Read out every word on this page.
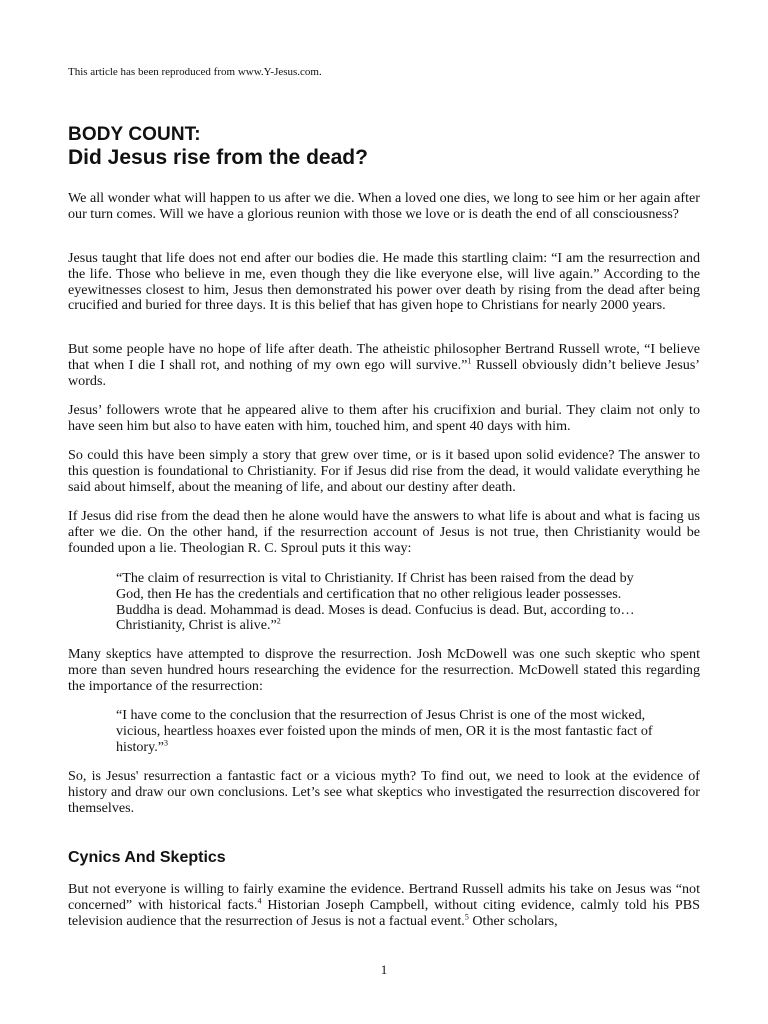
This article has been reproduced from www.Y-Jesus.com.
BODY COUNT:
Did Jesus rise from the dead?

We all wonder what will happen to us after we die. When a loved one dies, we long to see him or her again after our turn comes. Will we have a glorious reunion with those we love or is death the end of all consciousness?

Jesus taught that life does not end after our bodies die. He made this startling claim: “I am the resurrection and the life. Those who believe in me, even though they die like everyone else, will live again.” According to the eyewitnesses closest to him, Jesus then demonstrated his power over death by rising from the dead after being crucified and buried for three days. It is this belief that has given hope to Christians for nearly 2000 years.

But some people have no hope of life after death. The atheistic philosopher Bertrand Russell wrote, “I believe that when I die I shall rot, and nothing of my own ego will survive.”$^1$ Russell obviously didn’t believe Jesus’ words.

Jesus’ followers wrote that he appeared alive to them after his crucifixion and burial. They claim not only to have seen him but also to have eaten with him, touched him, and spent 40 days with him.

So could this have been simply a story that grew over time, or is it based upon solid evidence? The answer to this question is foundational to Christianity. For if Jesus did rise from the dead, it would validate everything he said about himself, about the meaning of life, and about our destiny after death.

If Jesus did rise from the dead then he alone would have the answers to what life is about and what is facing us after we die. On the other hand, if the resurrection account of Jesus is not true, then Christianity would be founded upon a lie. Theologian R. C. Sproul puts it this way:

“The claim of resurrection is vital to Christianity. If Christ has been raised from the dead by God, then He has the credentials and certification that no other religious leader possesses. Buddha is dead. Mohammad is dead. Moses is dead. Confucius is dead. But, according to…Christianity, Christ is alive.”$^2$

Many skeptics have attempted to disprove the resurrection. Josh McDowell was one such skeptic who spent more than seven hundred hours researching the evidence for the resurrection. McDowell stated this regarding the importance of the resurrection:

“I have come to the conclusion that the resurrection of Jesus Christ is one of the most wicked, vicious, heartless hoaxes ever foisted upon the minds of men, OR it is the most fantastic fact of history.”$^3$

So, is Jesus' resurrection a fantastic fact or a vicious myth? To find out, we need to look at the evidence of history and draw our own conclusions. Let’s see what skeptics who investigated the resurrection discovered for themselves.

Cynics And Skeptics

But not everyone is willing to fairly examine the evidence. Bertrand Russell admits his take on Jesus was “not concerned” with historical facts.$^4$ Historian Joseph Campbell, without citing evidence, calmly told his PBS television audience that the resurrection of Jesus is not a factual event.$^5$ Other scholars,

1
